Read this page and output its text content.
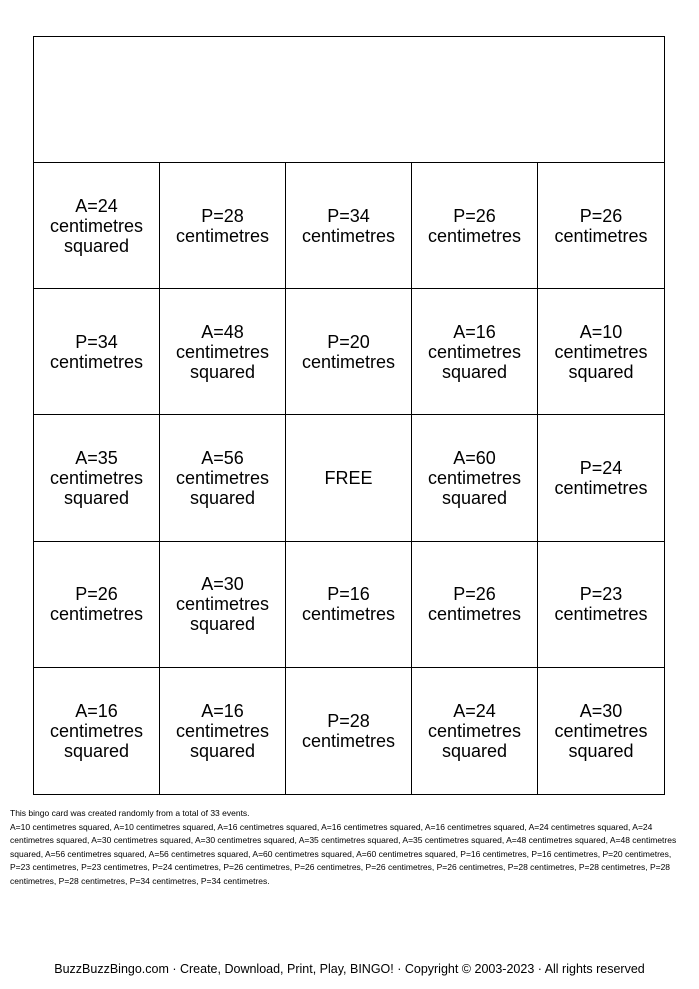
A=24 centimetres squared
P=28 centimetres
P=34 centimetres
P=26 centimetres
P=26 centimetres
P=34 centimetres
A=48 centimetres squared
P=20 centimetres
A=16 centimetres squared
A=10 centimetres squared
A=35 centimetres squared
A=56 centimetres squared
FREE
A=60 centimetres squared
P=24 centimetres
P=26 centimetres
A=30 centimetres squared
P=16 centimetres
P=26 centimetres
P=23 centimetres
A=16 centimetres squared
A=16 centimetres squared
P=28 centimetres
A=24 centimetres squared
A=30 centimetres squared
This bingo card was created randomly from a total of 33 events.
A=10 centimetres squared, A=10 centimetres squared, A=16 centimetres squared, A=16 centimetres squared, A=16 centimetres squared, A=24 centimetres squared, A=24 centimetres squared, A=30 centimetres squared, A=30 centimetres squared, A=35 centimetres squared, A=35 centimetres squared, A=48 centimetres squared, A=48 centimetres squared, A=56 centimetres squared, A=56 centimetres squared, A=60 centimetres squared, A=60 centimetres squared, P=16 centimetres, P=16 centimetres, P=20 centimetres, P=23 centimetres, P=23 centimetres, P=24 centimetres, P=26 centimetres, P=26 centimetres, P=26 centimetres, P=26 centimetres, P=28 centimetres, P=28 centimetres, P=28 centimetres, P=28 centimetres, P=34 centimetres, P=34 centimetres.
BuzzBuzzBingo.com · Create, Download, Print, Play, BINGO! · Copyright © 2003-2023 · All rights reserved
